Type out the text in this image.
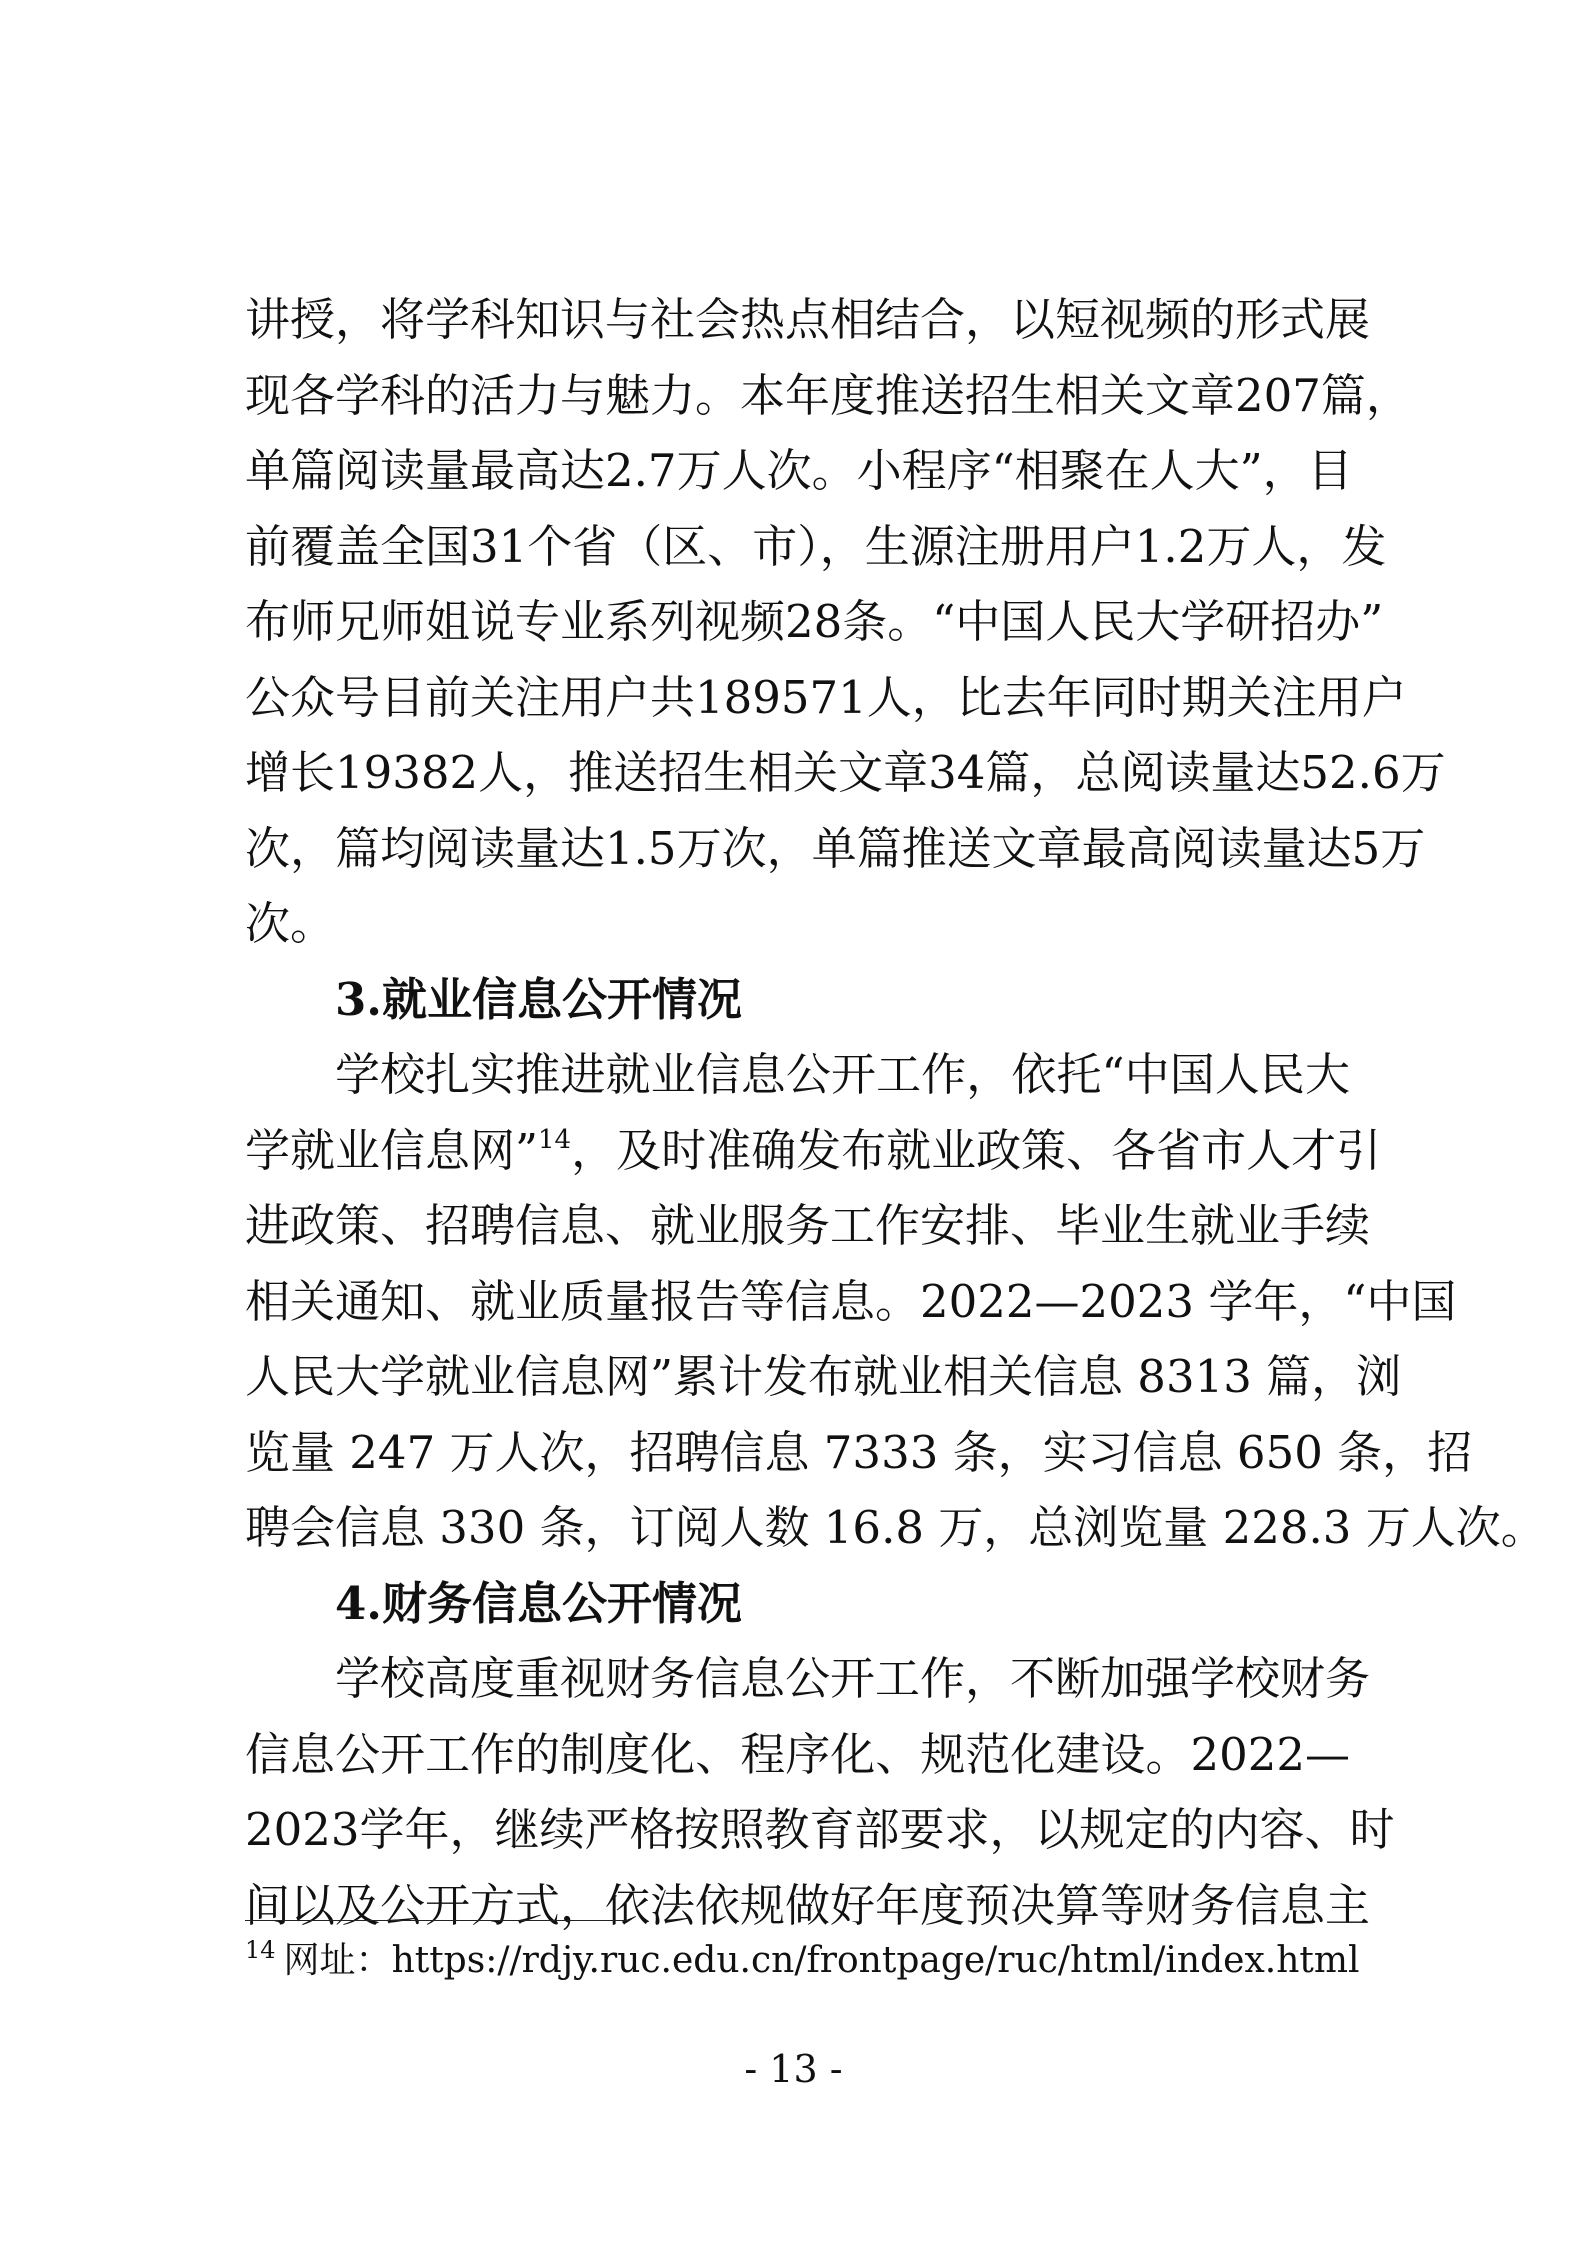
讲授，将学科知识与社会热点相结合，以短视频的形式展
现各学科的活力与魅力。本年度推送招生相关文章207篇，
单篇阅读量最高达2.7万人次。小程序“相聚在人大”，目
前覆盖全国31个省（区、市），生源注册用户1.2万人，发
布师兄师姐说专业系列视频28条。“中国人民大学研招办”
公众号目前关注用户共189571人，比去年同时期关注用户
增长19382人，推送招生相关文章34篇，总阅读量达52.6万
次，篇均阅读量达1.5万次，单篇推送文章最高阅读量达5万
次。
3.就业信息公开情况
学校扎实推进就业信息公开工作，依托“中国人民大
学就业信息网”$^{14}$，及时准确发布就业政策、各省市人才引
进政策、招聘信息、就业服务工作安排、毕业生就业手续
相关通知、就业质量报告等信息。2022—2023 学年，“中国
人民大学就业信息网”累计发布就业相关信息 8313 篇，浏
览量 247 万人次，招聘信息 7333 条，实习信息 650 条，招
聘会信息 330 条，订阅人数 16.8 万，总浏览量 228.3 万人次。
4.财务信息公开情况
学校高度重视财务信息公开工作，不断加强学校财务
信息公开工作的制度化、程序化、规范化建设。2022—
2023学年，继续严格按照教育部要求，以规定的内容、时
间以及公开方式，依法依规做好年度预决算等财务信息主
$^{14}$ 网址：https://rdjy.ruc.edu.cn/frontpage/ruc/html/index.html
- 13 -
